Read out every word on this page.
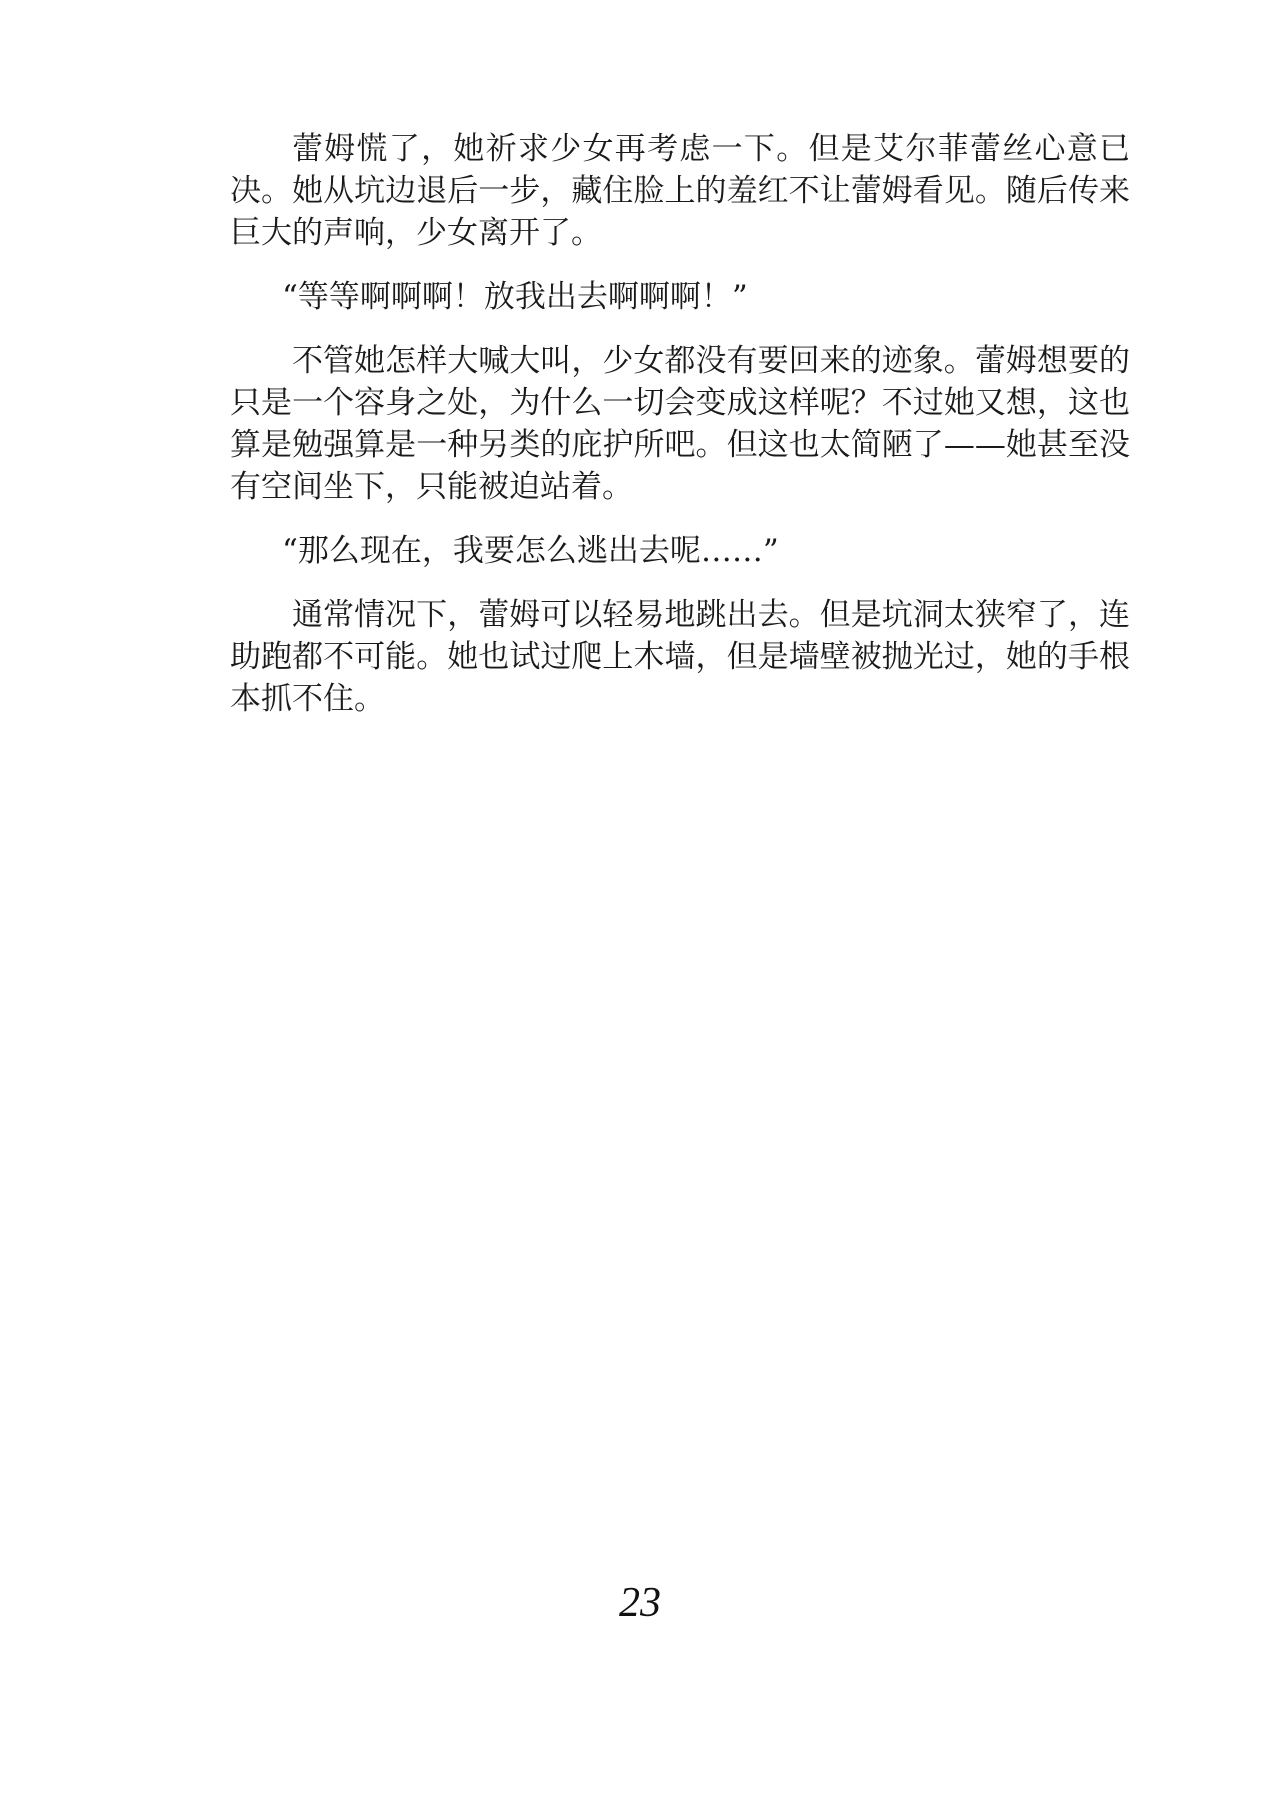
蕾姆慌了，她祈求少女再考虑一下。但是艾尔菲蕾丝心意已决。她从坑边退后一步，藏住脸上的羞红不让蕾姆看见。随后传来巨大的声响，少女离开了。

“等等啊啊啊！放我出去啊啊啊！”

不管她怎样大喊大叫，少女都没有要回来的迹象。蕾姆想要的只是一个容身之处，为什么一切会变成这样呢？不过她又想，这也算是勉强算是一种另类的庇护所吧。但这也太简陋了——她甚至没有空间坐下，只能被迫站着。

“那么现在，我要怎么逃出去呢……”

通常情况下，蕾姆可以轻易地跳出去。但是坑洞太狭窄了，连助跑都不可能。她也试过爬上木墙，但是墙壁被抛光过，她的手根本抓不住。

23
